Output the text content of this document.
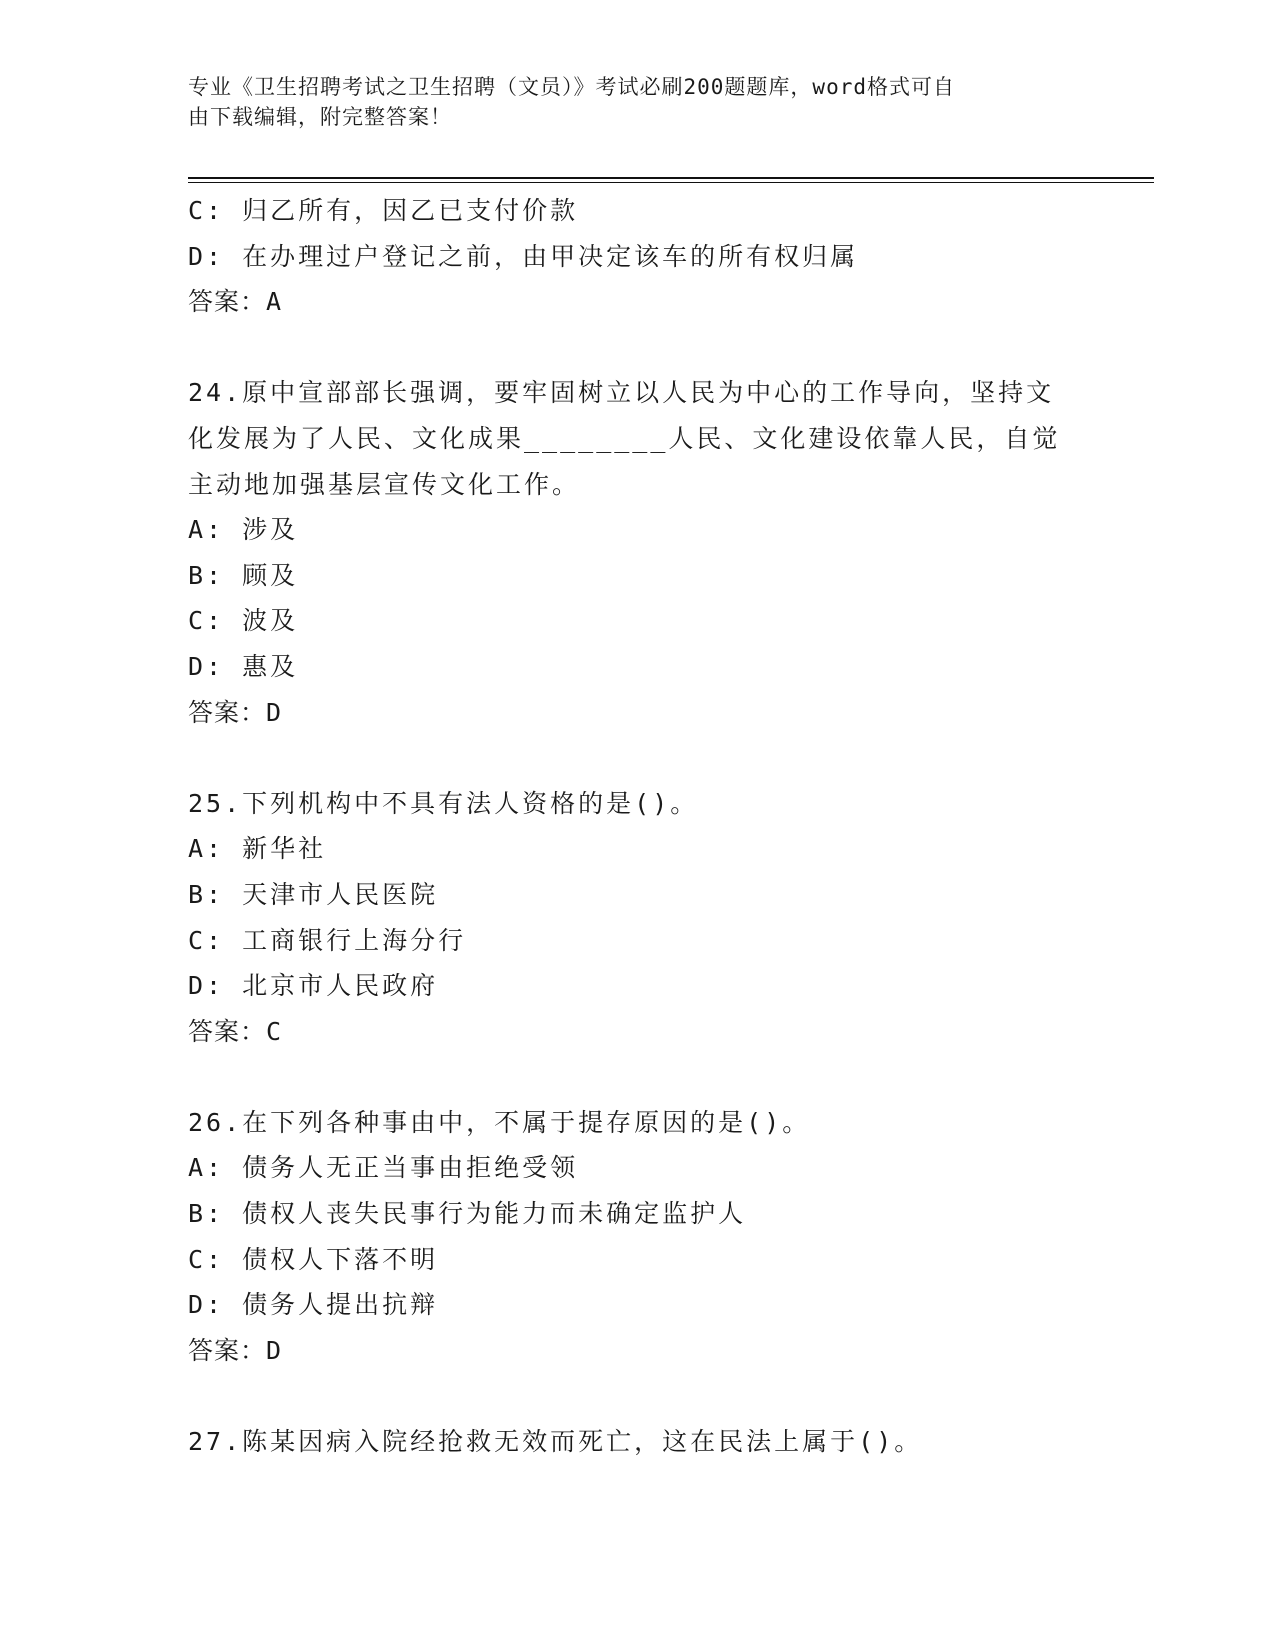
专业《卫生招聘考试之卫生招聘（文员）》考试必刷200题题库，word格式可自
由下载编辑，附完整答案！
C: 归乙所有，因乙已支付价款
D: 在办理过户登记之前，由甲决定该车的所有权归属
答案：A
24.原中宣部部长强调，要牢固树立以人民为中心的工作导向，坚持文
化发展为了人民、文化成果________人民、文化建设依靠人民，自觉
主动地加强基层宣传文化工作。
A: 涉及
B: 顾及
C: 波及
D: 惠及
答案：D
25.下列机构中不具有法人资格的是()。
A: 新华社
B: 天津市人民医院
C: 工商银行上海分行
D: 北京市人民政府
答案：C
26.在下列各种事由中，不属于提存原因的是()。
A: 债务人无正当事由拒绝受领
B: 债权人丧失民事行为能力而未确定监护人
C: 债权人下落不明
D: 债务人提出抗辩
答案：D
27.陈某因病入院经抢救无效而死亡，这在民法上属于()。
